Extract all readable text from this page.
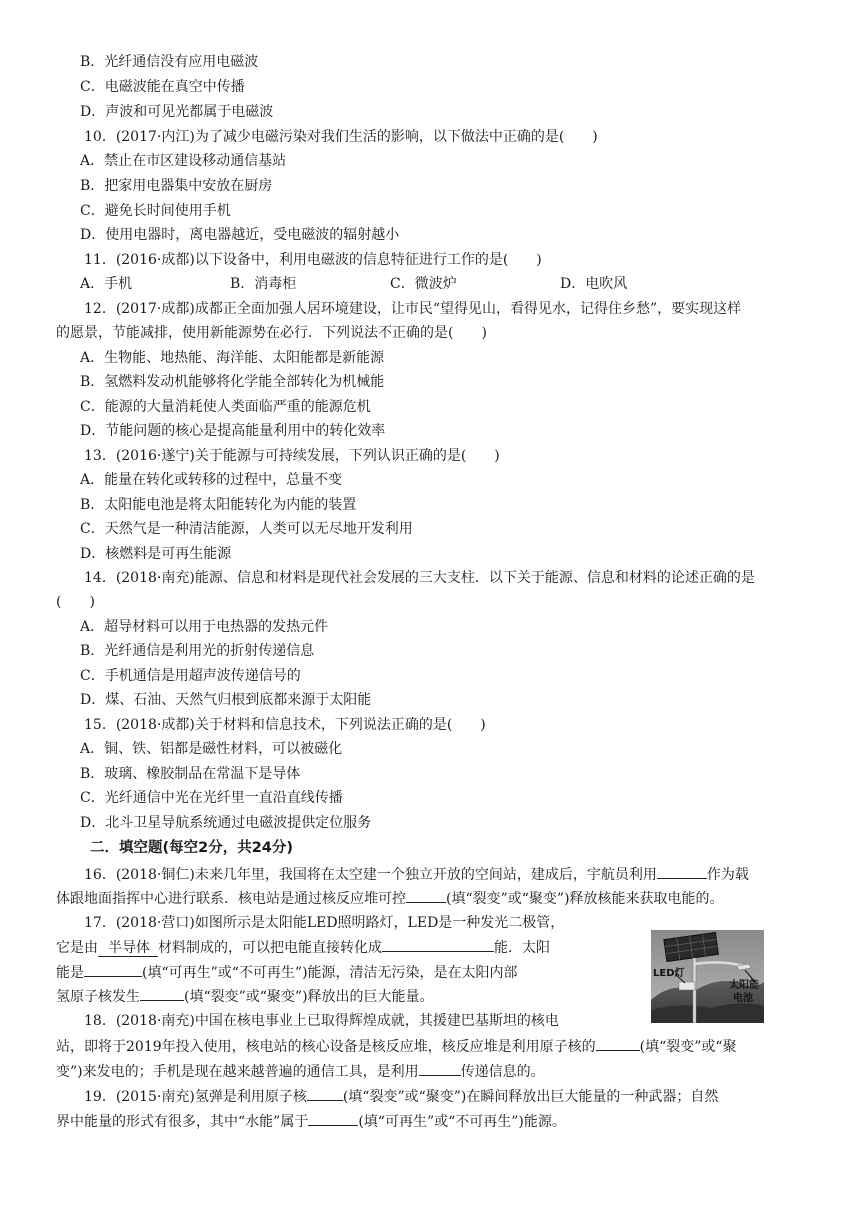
B．光纤通信没有应用电磁波
C．电磁波能在真空中传播
D．声波和可见光都属于电磁波
10．(2017·内江)为了减少电磁污染对我们生活的影响，以下做法中正确的是(　　)
A．禁止在市区建设移动通信基站
B．把家用电器集中安放在厨房
C．避免长时间使用手机
D．使用电器时，离电器越近，受电磁波的辐射越小
11．(2016·成都)以下设备中，利用电磁波的信息特征进行工作的是(　　)
A．手机	B．消毒柜	C．微波炉	D．电吹风
12．(2017·成都)成都正全面加强人居环境建设，让市民“望得见山，看得见水，记得住乡愁”，要实现这样
的愿景，节能减排，使用新能源势在必行．下列说法不正确的是(　　)
A．生物能、地热能、海洋能、太阳能都是新能源
B．氢燃料发动机能够将化学能全部转化为机械能
C．能源的大量消耗使人类面临严重的能源危机
D．节能问题的核心是提高能量利用中的转化效率
13．(2016·遂宁)关于能源与可持续发展，下列认识正确的是(　　)
A．能量在转化或转移的过程中，总量不变
B．太阳能电池是将太阳能转化为内能的装置
C．天然气是一种清洁能源，人类可以无尽地开发利用
D．核燃料是可再生能源
14．(2018·南充)能源、信息和材料是现代社会发展的三大支柱．以下关于能源、信息和材料的论述正确的是
(　　)
A．超导材料可以用于电热器的发热元件
B．光纤通信是利用光的折射传递信息
C．手机通信是用超声波传递信号的
D．煤、石油、天然气归根到底都来源于太阳能
15．(2018·成都)关于材料和信息技术，下列说法正确的是(　　)
A．铜、铁、铝都是磁性材料，可以被磁化
B．玻璃、橡胶制品在常温下是导体
C．光纤通信中光在光纤里一直沿直线传播
D．北斗卫星导航系统通过电磁波提供定位服务
二．填空题(每空2分，共24分)
16．(2018·铜仁)未来几年里，我国将在太空建一个独立开放的空间站，建成后，宇航员利用	作为载
体跟地面指挥中心进行联系．核电站是通过核反应堆可控	(填“裂变”或“聚变”)释放核能来获取电能的。
17．(2018·营口)如图所示是太阳能LED照明路灯，LED是一种发光二极管，
它是由 半导体 材料制成的，可以把电能直接转化成	能．太阳
能是	(填“可再生”或“不可再生”)能源，清洁无污染，是在太阳内部
氢原子核发生	(填“裂变”或“聚变”)释放出的巨大能量。
18．(2018·南充)中国在核电事业上已取得辉煌成就，其援建巴基斯坦的核电
站，即将于2019年投入使用，核电站的核心设备是核反应堆，核反应堆是利用原子核的	(填“裂变”或“聚
变”)来发电的；手机是现在越来越普遍的通信工具，是利用	传递信息的。
19．(2015·南充)氢弹是利用原子核	(填“裂变”或“聚变”)在瞬间释放出巨大能量的一种武器；自然
界中能量的形式有很多，其中“水能”属于	(填“可再生”或“不可再生”)能源。
LED灯
太阳能
电池
